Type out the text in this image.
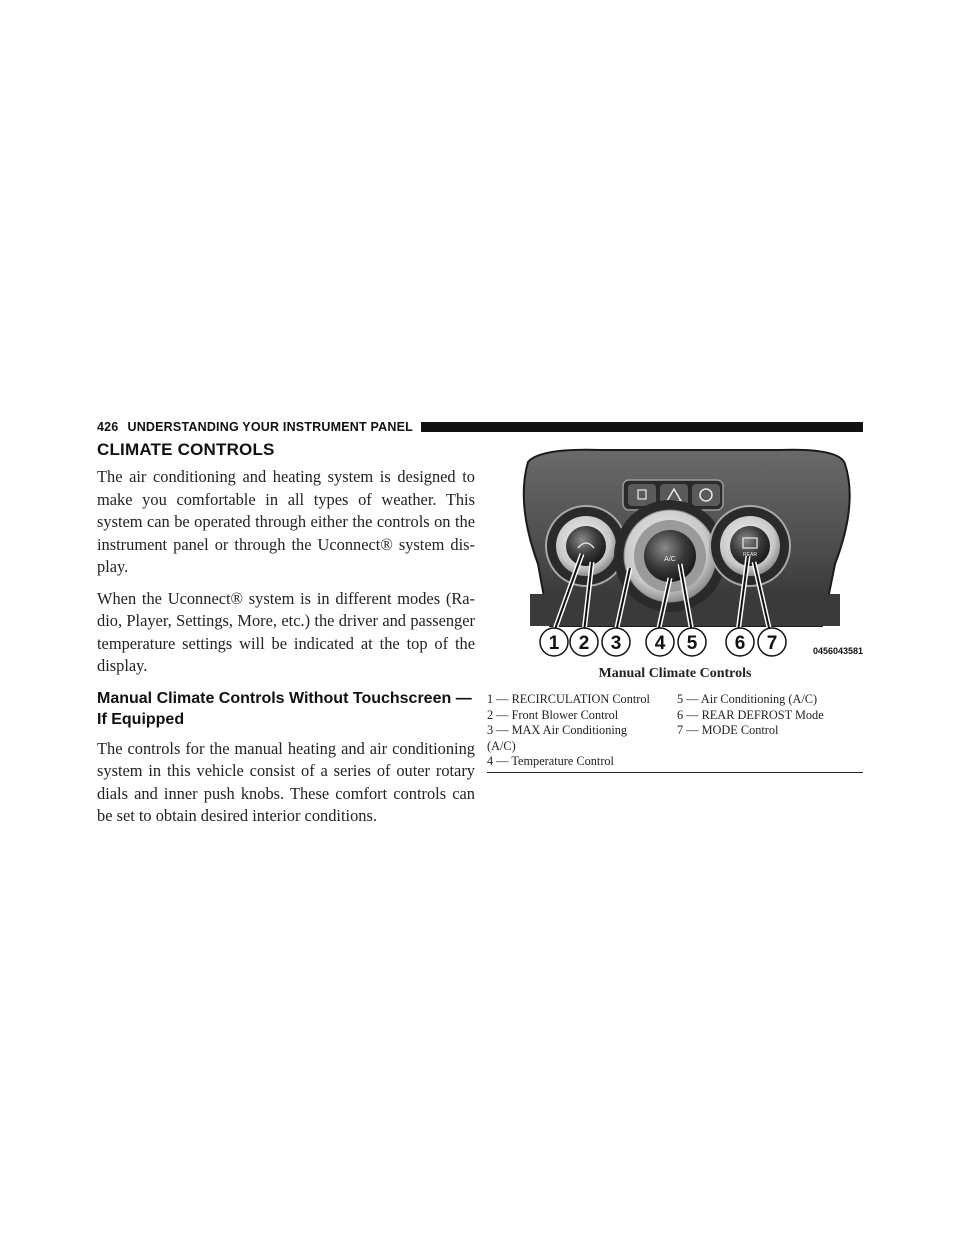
426 UNDERSTANDING YOUR INSTRUMENT PANEL
CLIMATE CONTROLS

The air conditioning and heating system is designed to make you comfortable in all types of weather. This system can be operated through either the controls on the instrument panel or through the Uconnect® system dis-play.

When the Uconnect® system is in different modes (Ra-dio, Player, Settings, More, etc.) the driver and passenger temperature settings will be indicated at the top of the display.

Manual Climate Controls Without Touchscreen —
If Equipped

The controls for the manual heating and air conditioning system in this vehicle consist of a series of outer rotary dials and inner push knobs. These comfort controls can be set to obtain desired interior conditions.

A/C
REAR
1 2 3 4 5 6 7	0456043581
Manual Climate Controls
1 — RECIRCULATION Control
2 — Front Blower Control
3 — MAX Air Conditioning
(A/C)
4 — Temperature Control
5 — Air Conditioning (A/C)
6 — REAR DEFROST Mode
7 — MODE Control
